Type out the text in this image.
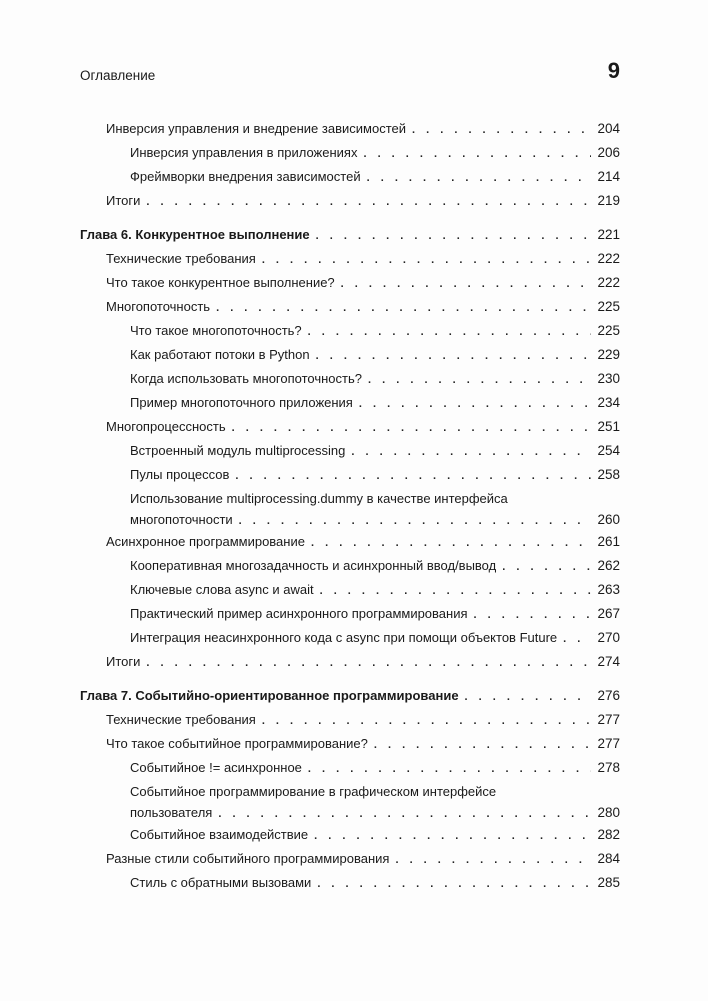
Оглавление	9
Инверсия управления и внедрение зависимостей . . .	204
Инверсия управления в приложениях . . .	206
Фреймворки внедрения зависимостей . . .	214
Итоги . . .	219
Глава 6. Конкурентное выполнение . . .	221
Технические требования . . .	222
Что такое конкурентное выполнение? . . .	222
Многопоточность . . .	225
Что такое многопоточность? . . .	225
Как работают потоки в Python . . .	229
Когда использовать многопоточность? . . .	230
Пример многопоточного приложения . . .	234
Многопроцессность . . .	251
Встроенный модуль multiprocessing . . .	254
Пулы процессов . . .	258
Использование multiprocessing.dummy в качестве интерфейса
многопоточности . . .	260
Асинхронное программирование . . .	261
Кооперативная многозадачность и асинхронный ввод/вывод . . .	262
Ключевые слова async и await . . .	263
Практический пример асинхронного программирования . . .	267
Интеграция неасинхронного кода с async при помощи объектов Future . . .	270
Итоги . . .	274
Глава 7. Событийно-ориентированное программирование . . .	276
Технические требования . . .	277
Что такое событийное программирование? . . .	277
Событийное != асинхронное . . .	278
Событийное программирование в графическом интерфейсе
пользователя . . .	280
Событийное взаимодействие . . .	282
Разные стили событийного программирования . . .	284
Стиль с обратными вызовами . . .	285
